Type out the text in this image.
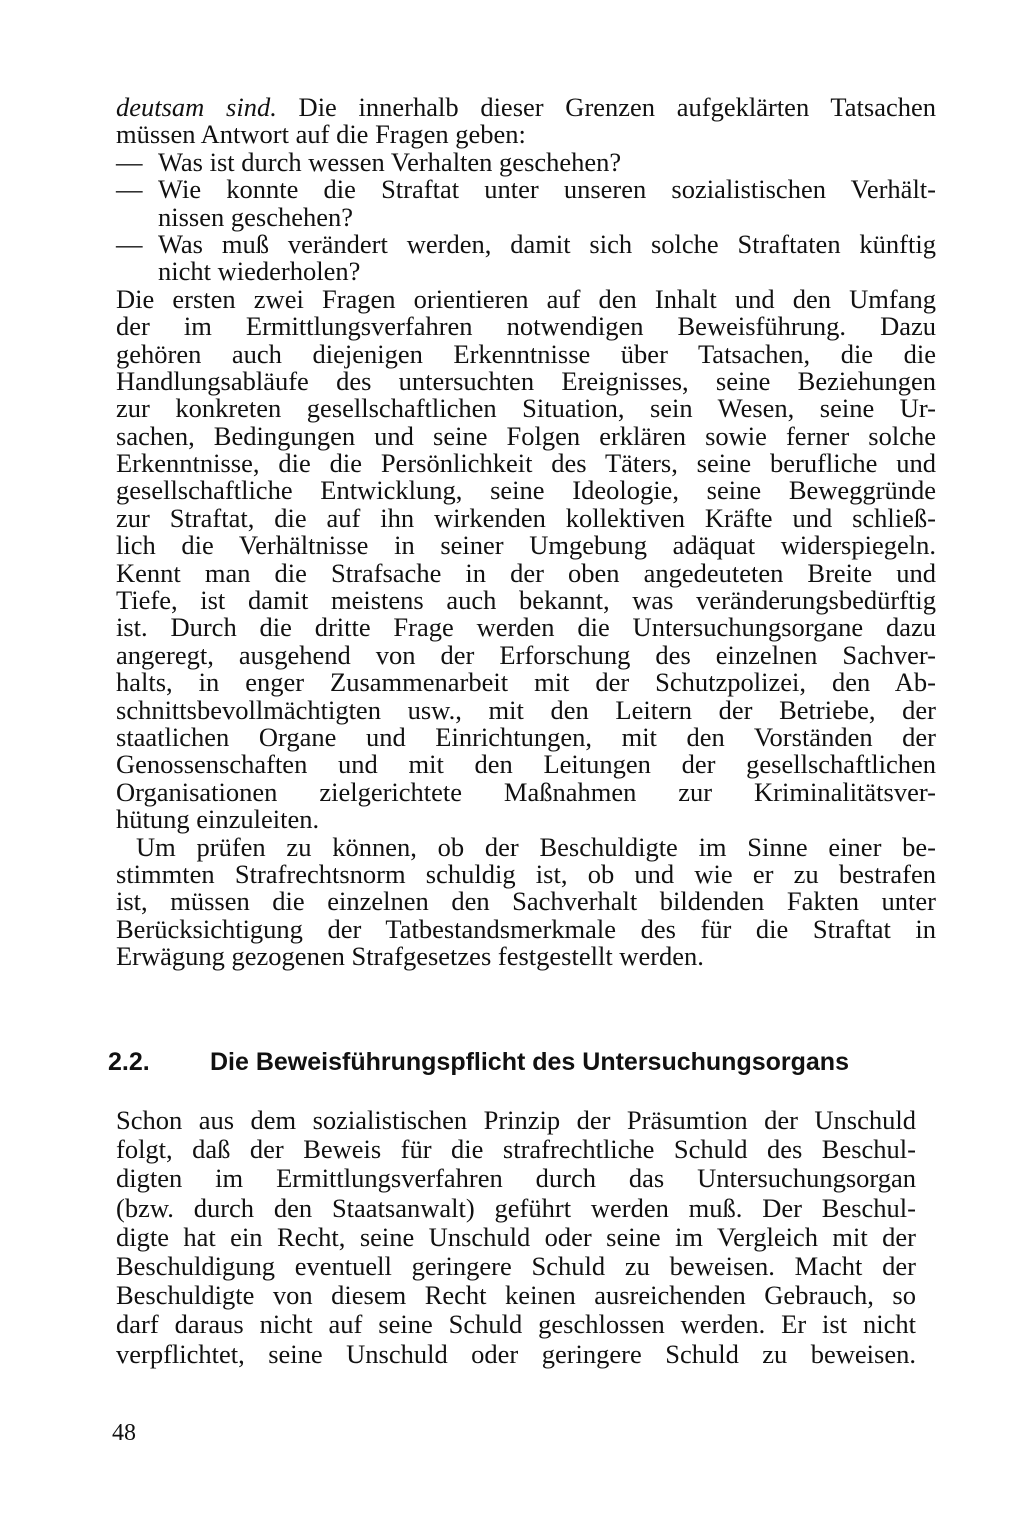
deutsam sind. Die innerhalb dieser Grenzen aufgeklärten Tatsachen
müssen Antwort auf die Fragen geben:
— Was ist durch wessen Verhalten geschehen?
— Wie konnte die Straftat unter unseren sozialistischen Verhält-
nissen geschehen?
— Was muß verändert werden, damit sich solche Straftaten künftig
nicht wiederholen?
Die ersten zwei Fragen orientieren auf den Inhalt und den Umfang
der im Ermittlungsverfahren notwendigen Beweisführung. Dazu
gehören auch diejenigen Erkenntnisse über Tatsachen, die die
Handlungsabläufe des untersuchten Ereignisses, seine Beziehungen
zur konkreten gesellschaftlichen Situation, sein Wesen, seine Ur-
sachen, Bedingungen und seine Folgen erklären sowie ferner solche
Erkenntnisse, die die Persönlichkeit des Täters, seine berufliche und
gesellschaftliche Entwicklung, seine Ideologie, seine Beweggründe
zur Straftat, die auf ihn wirkenden kollektiven Kräfte und schließ-
lich die Verhältnisse in seiner Umgebung adäquat widerspiegeln.
Kennt man die Strafsache in der oben angedeuteten Breite und
Tiefe, ist damit meistens auch bekannt, was veränderungsbedürftig
ist. Durch die dritte Frage werden die Untersuchungsorgane dazu
angeregt, ausgehend von der Erforschung des einzelnen Sachver-
halts, in enger Zusammenarbeit mit der Schutzpolizei, den Ab-
schnittsbevollmächtigten usw., mit den Leitern der Betriebe, der
staatlichen Organe und Einrichtungen, mit den Vorständen der
Genossenschaften und mit den Leitungen der gesellschaftlichen
Organisationen zielgerichtete Maßnahmen zur Kriminalitätsver-
hütung einzuleiten.
Um prüfen zu können, ob der Beschuldigte im Sinne einer be-
stimmten Strafrechtsnorm schuldig ist, ob und wie er zu bestrafen
ist, müssen die einzelnen den Sachverhalt bildenden Fakten unter
Berücksichtigung der Tatbestandsmerkmale des für die Straftat in
Erwägung gezogenen Strafgesetzes festgestellt werden.
2.2.	Die Beweisführungspflicht des Untersuchungsorgans
Schon aus dem sozialistischen Prinzip der Präsumtion der Unschuld
folgt, daß der Beweis für die strafrechtliche Schuld des Beschul-
digten im Ermittlungsverfahren durch das Untersuchungsorgan
(bzw. durch den Staatsanwalt) geführt werden muß. Der Beschul-
digte hat ein Recht, seine Unschuld oder seine im Vergleich mit der
Beschuldigung eventuell geringere Schuld zu beweisen. Macht der
Beschuldigte von diesem Recht keinen ausreichenden Gebrauch, so
darf daraus nicht auf seine Schuld geschlossen werden. Er ist nicht
verpflichtet, seine Unschuld oder geringere Schuld zu beweisen.
48
